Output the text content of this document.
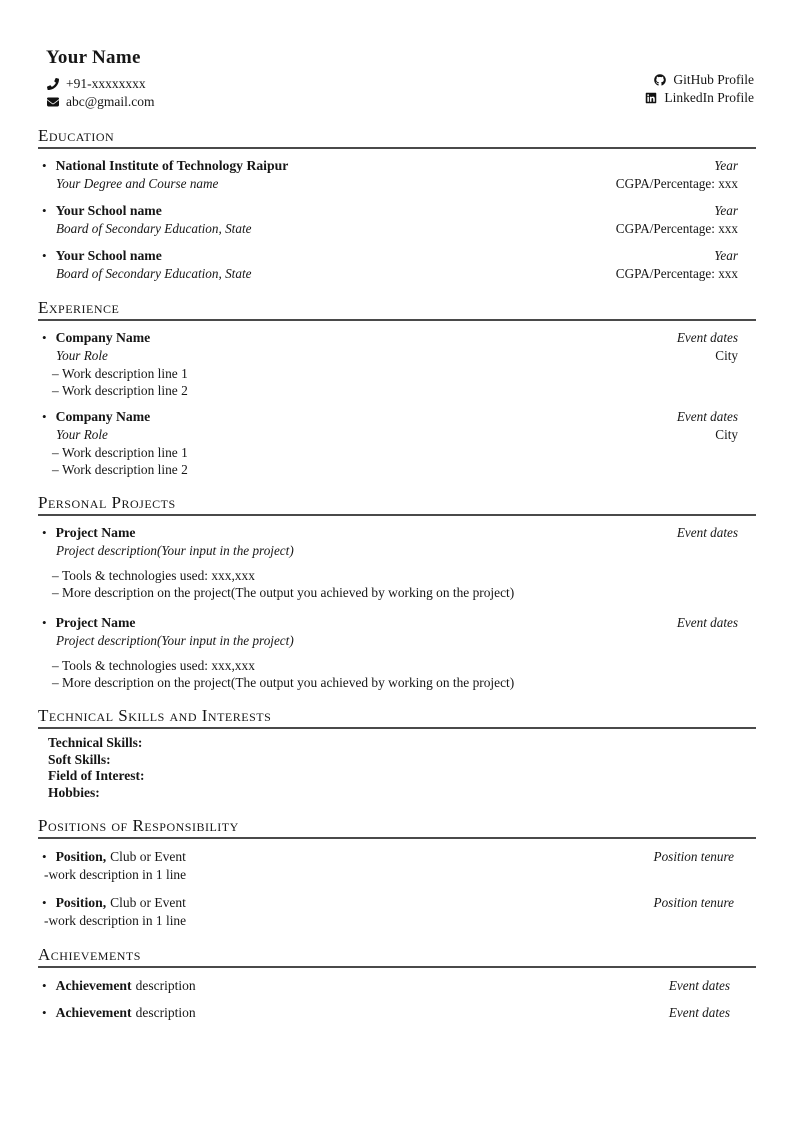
Your Name
+91-xxxxxxxx
abc@gmail.com
GitHub Profile
LinkedIn Profile
Education
•
National Institute of Technology Raipur	Year
Your Degree and Course name	CGPA/Percentage: xxx
•
Your School name	Year
Board of Secondary Education, State	CGPA/Percentage: xxx
•
Your School name	Year
Board of Secondary Education, State	CGPA/Percentage: xxx
Experience
•
Company Name	Event dates
Your Role	City
– Work description line 1
– Work description line 2
•
Company Name	Event dates
Your Role	City
– Work description line 1
– Work description line 2
Personal Projects
•
Project Name	Event dates
Project description(Your input in the project)
– Tools & technologies used: xxx,xxx
– More description on the project(The output you achieved by working on the project)
•
Project Name	Event dates
Project description(Your input in the project)
– Tools & technologies used: xxx,xxx
– More description on the project(The output you achieved by working on the project)
Technical Skills and Interests
Technical Skills:
Soft Skills:
Field of Interest:
Hobbies:
Positions of Responsibility
•
Position, Club or Event	Position tenure
-work description in 1 line
•
Position, Club or Event	Position tenure
-work description in 1 line
Achievements
•
Achievement description	Event dates
•
Achievement description	Event dates
